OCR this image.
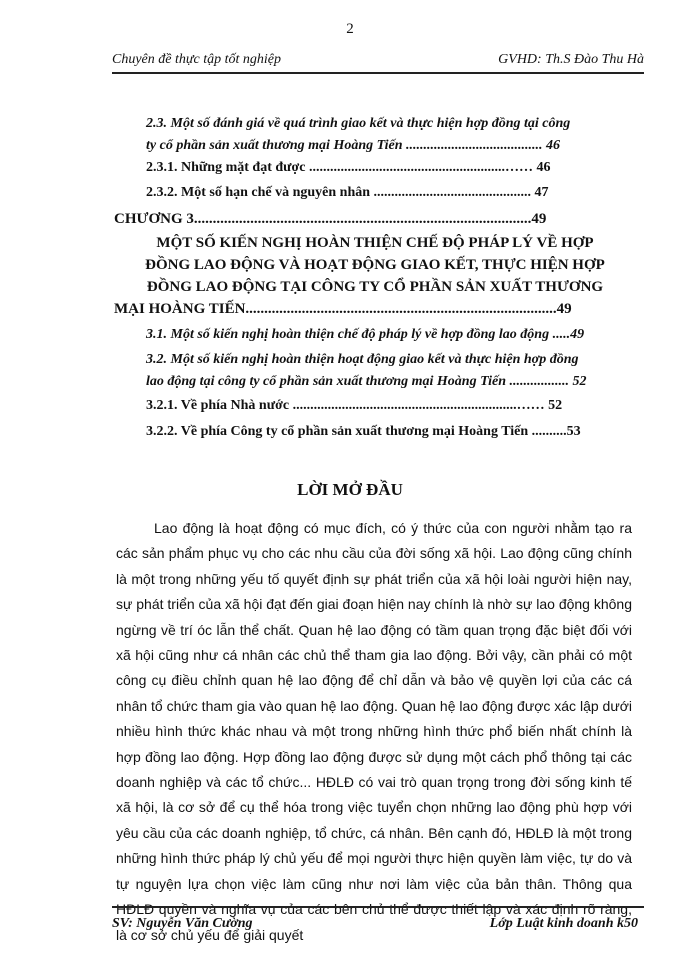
2
Chuyên đề thực tập tốt nghiệp	GVHD: Th.S Đào Thu Hà
2.3. Một số đánh giá về quá trình giao kết và thực hiện hợp đồng tại công
ty cổ phần sản xuất thương mại Hoàng Tiến ....................................... 46
2.3.1. Những mặt đạt được ........................................................…… 46
2.3.2. Một số hạn chế và nguyên nhân ............................................. 47
CHƯƠNG 3..........................................................................................49
MỘT SỐ KIẾN NGHỊ HOÀN THIỆN CHẾ ĐỘ PHÁP LÝ VỀ HỢP
ĐỒNG LAO ĐỘNG VÀ HOẠT ĐỘNG GIAO KẾT, THỰC HIỆN HỢP
ĐỒNG LAO ĐỘNG TẠI CÔNG TY CỔ PHẦN SẢN XUẤT THƯƠNG
MẠI HOÀNG TIẾN...................................................................................49
3.1. Một số kiến nghị hoàn thiện chế độ pháp lý về hợp đồng lao động .....49
3.2. Một số kiến nghị hoàn thiện hoạt động giao kết và thực hiện hợp đồng
lao động tại công ty cổ phần sản xuất thương mại Hoàng Tiến ................. 52
3.2.1. Về phía Nhà nước ................................................................…… 52
3.2.2. Về phía Công ty cổ phần sản xuất thương mại Hoàng Tiến ..........53
LỜI MỞ ĐẦU

Lao động là hoạt động có mục đích, có ý thức của con người nhằm tạo ra các sản phẩm phục vụ cho các nhu cầu của đời sống xã hội. Lao động cũng chính là một trong những yếu tố quyết định sự phát triển của xã hội loài người hiện nay, sự phát triển của xã hội đạt đến giai đoạn hiện nay chính là nhờ sự lao động không ngừng về trí óc lẫn thể chất. Quan hệ lao động có tầm quan trọng đặc biệt đối với xã hội cũng như cá nhân các chủ thể tham gia lao động. Bởi vậy, cần phải có một công cụ điều chỉnh quan hệ lao động để chỉ dẫn và bảo vệ quyền lợi của các cá nhân tổ chức tham gia vào quan hệ lao động. Quan hệ lao động được xác lập dưới nhiều hình thức khác nhau và một trong những hình thức phổ biến nhất chính là hợp đồng lao động. Hợp đồng lao động được sử dụng một cách phổ thông tại các doanh nghiệp và các tổ chức... HĐLĐ có vai trò quan trọng trong đời sống kinh tế xã hội, là cơ sở để cụ thể hóa trong việc tuyển chọn những lao động phù hợp với yêu cầu của các doanh nghiệp, tổ chức, cá nhân. Bên cạnh đó, HĐLĐ là một trong những hình thức pháp lý chủ yếu để mọi người thực hiện quyền làm việc, tự do và tự nguyện lựa chọn việc làm cũng như nơi làm việc của bản thân. Thông qua HĐLĐ quyền và nghĩa vụ của các bên chủ thể được thiết lập và xác định rõ ràng, là cơ sở chủ yếu để giải quyết

SV: Nguyễn Văn Cường	Lớp Luật kinh doanh k50
